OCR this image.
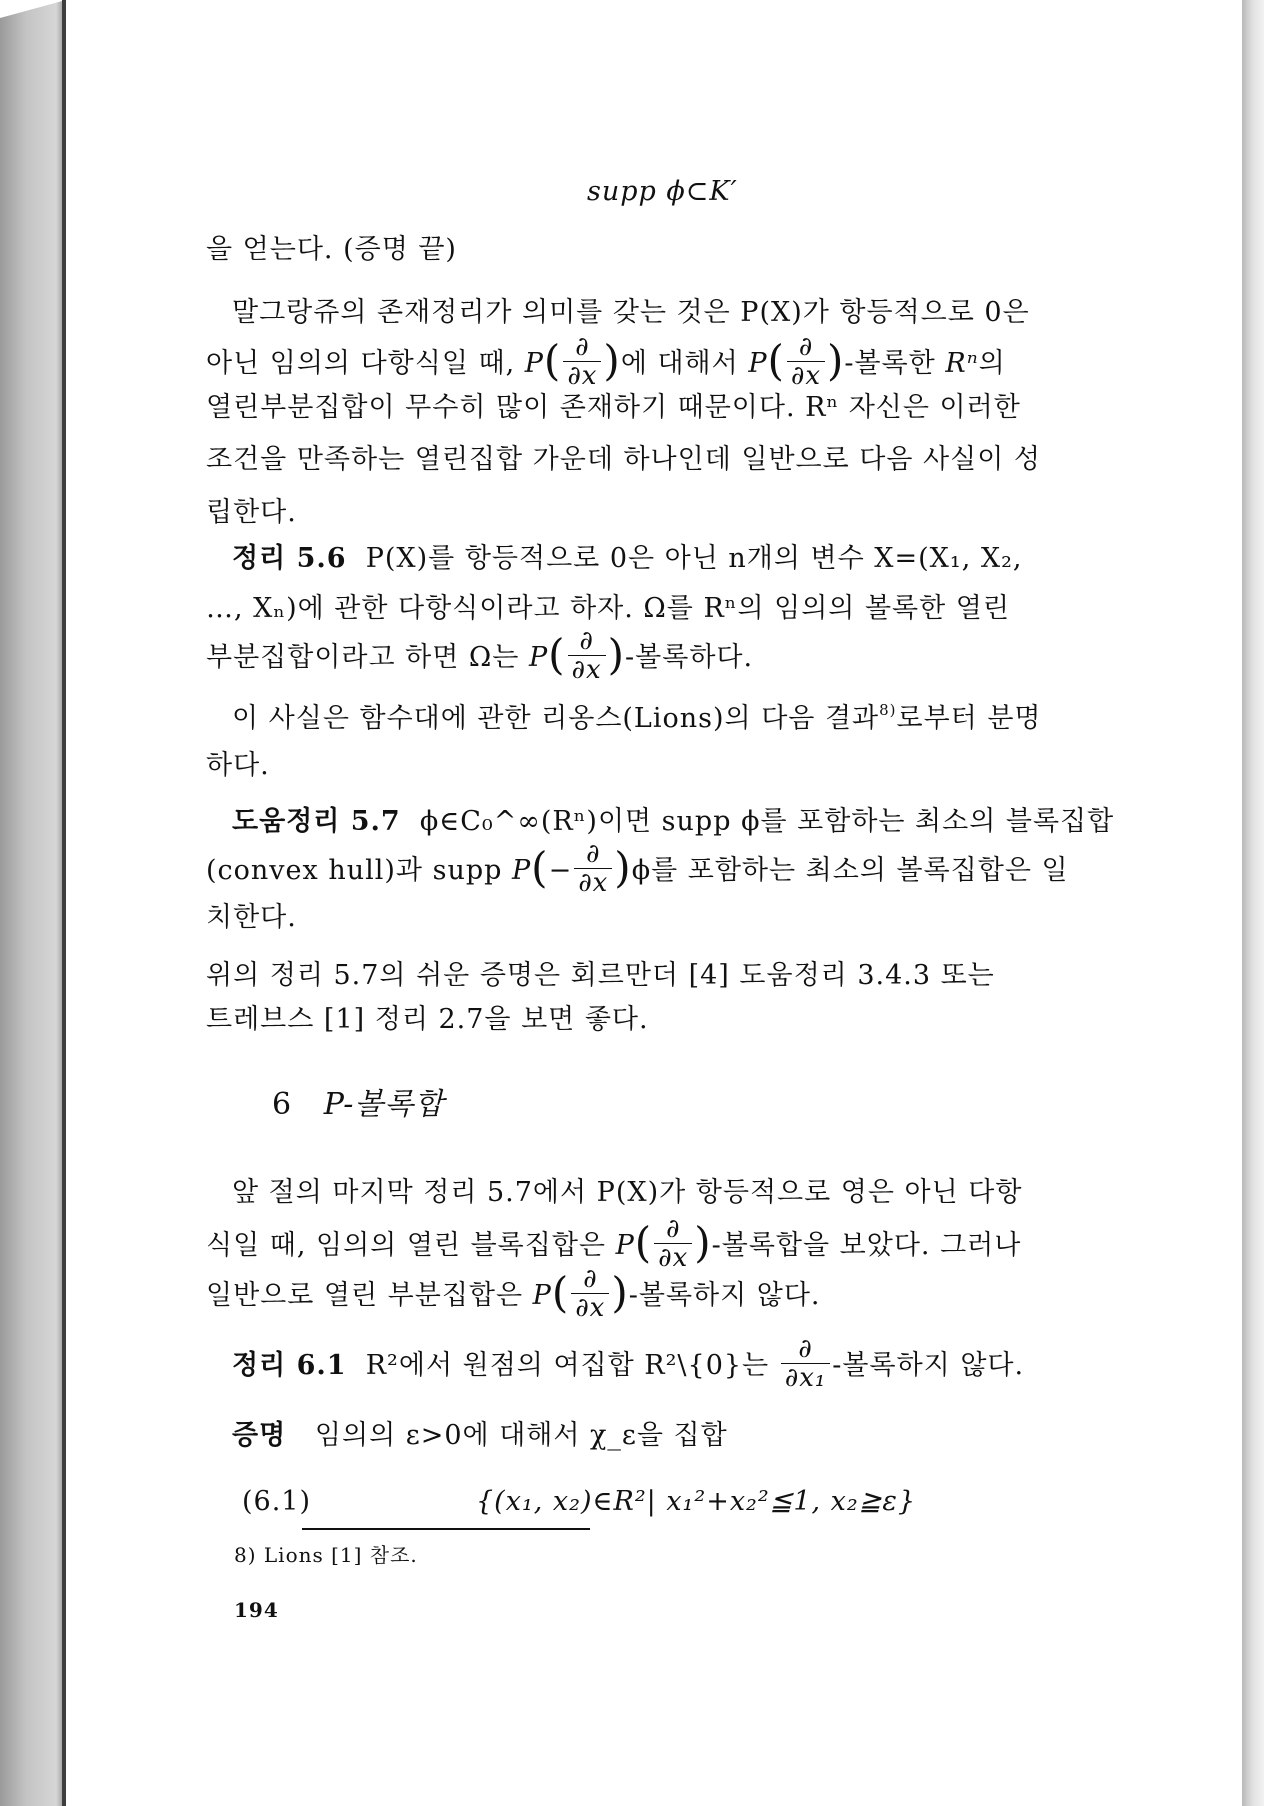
supp ϕ⊂K′
을 얻는다. (증명 끝)
말그랑쥬의 존재정리가 의미를 갖는 것은 P(X)가 항등적으로 0은
아닌 임의의 다항식일 때, $P( \frac{\partial}{\partial x}$ )에 대해서 $P( \frac{\partial}{\partial x}$ )-볼록한 Rⁿ의
열린부분집합이 무수히 많이 존재하기 때문이다. Rⁿ 자신은 이러한
조건을 만족하는 열린집합 가운데 하나인데 일반으로 다음 사실이 성
립한다.
정리 5.6 P(X)를 항등적으로 0은 아닌 n개의 변수 X=(X₁, X₂,
…, Xₙ)에 관한 다항식이라고 하자. Ω를 Rⁿ의 임의의 볼록한 열린
부분집합이라고 하면 Ω는 $P( \frac{\partial}{\partial x}$ )-볼록하다.
이 사실은 함수대에 관한 리옹스(Lions)의 다음 결과$^{8)}$로부터 분명
하다.
도움정리 5.7 ϕ∈C₀^∞(Rⁿ)이면 supp ϕ를 포함하는 최소의 블록집합
(convex hull)과 supp $P(- \frac{\partial}{\partial x} )\phi$를 포함하는 최소의 볼록집합은 일
치한다.
위의 정리 5.7의 쉬운 증명은 회르만더 [4] 도움정리 3.4.3 또는
트레브스 [1] 정리 2.7을 보면 좋다.
6 P-볼록합
앞 절의 마지막 정리 5.7에서 P(X)가 항등적으로 영은 아닌 다항
식일 때, 임의의 열린 블록집합은 $P( \frac{\partial}{\partial x}$ )-볼록합을 보았다. 그러나
일반으로 열린 부분집합은 $P( \frac{\partial}{\partial x}$ )-볼록하지 않다.
정리 6.1 R²에서 원점의 여집합 R²\{0}는 $\frac{\partial}{\text{∂x₁}}$ -볼록하지 않다.
증명 임의의 ε>0에 대해서 χ_ε을 집합
(6.1)	{(x₁, x₂)∈R²| x₁²+x₂²≦1, x₂≧ε}
8) Lions [1] 참조.
194
